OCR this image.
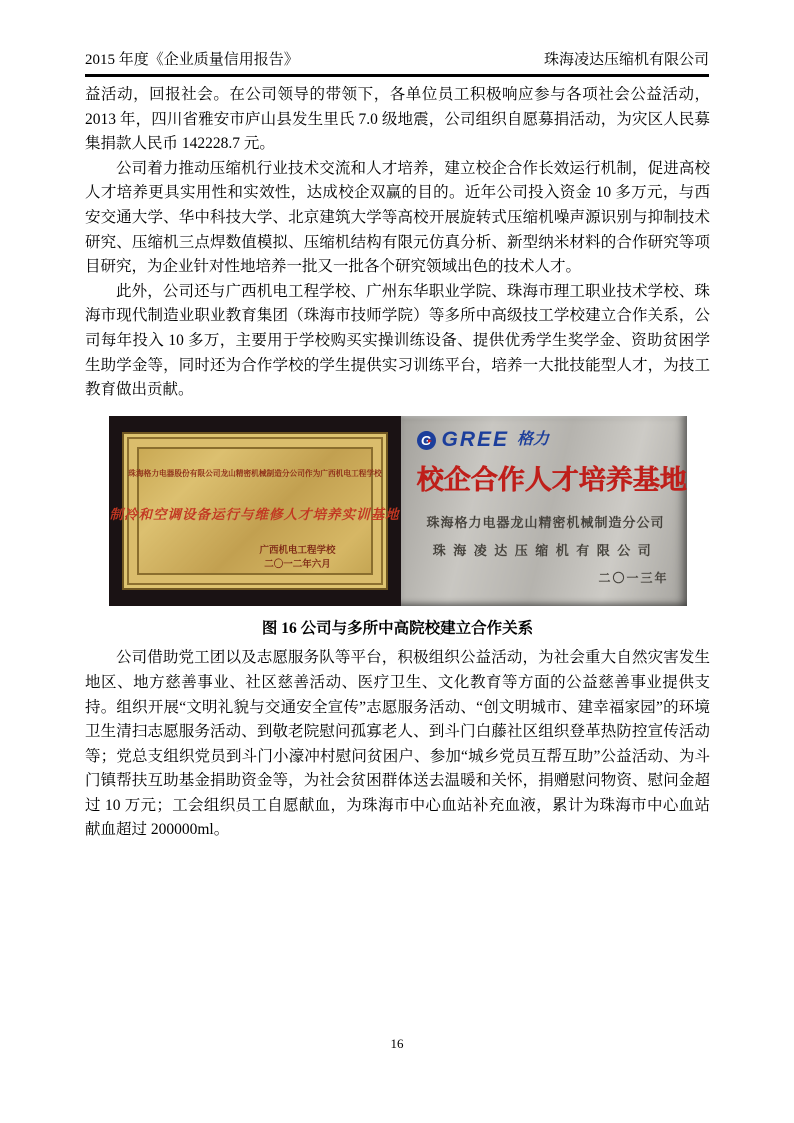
2015 年度《企业质量信用报告》	珠海凌达压缩机有限公司

益活动，回报社会。在公司领导的带领下，各单位员工积极响应参与各项社会公益活动，2013 年，四川省雅安市庐山县发生里氏 7.0 级地震，公司组织自愿募捐活动，为灾区人民募集捐款人民币 142228.7 元。

公司着力推动压缩机行业技术交流和人才培养，建立校企合作长效运行机制，促进高校人才培养更具实用性和实效性，达成校企双赢的目的。近年公司投入资金 10 多万元，与西安交通大学、华中科技大学、北京建筑大学等高校开展旋转式压缩机噪声源识别与抑制技术研究、压缩机三点焊数值模拟、压缩机结构有限元仿真分析、新型纳米材料的合作研究等项目研究，为企业针对性地培养一批又一批各个研究领域出色的技术人才。

此外，公司还与广西机电工程学校、广州东华职业学院、珠海市理工职业技术学校、珠海市现代制造业职业教育集团（珠海市技师学院）等多所中高级技工学校建立合作关系，公司每年投入 10 多万，主要用于学校购买实操训练设备、提供优秀学生奖学金、资助贫困学生助学金等，同时还为合作学校的学生提供实习训练平台，培养一大批技能型人才，为技工教育做出贡献。

珠海格力电器股份有限公司龙山精密机械制造分公司作为广西机电工程学校
制冷和空调设备运行与维修人才培养实训基地
广西机电工程学校
二〇一二年六月
G GREE 格力
校企合作人才培养基地
珠海格力电器龙山精密机械制造分公司
珠海凌达压缩机有限公司
二〇一三年
图 16 公司与多所中高院校建立合作关系

公司借助党工团以及志愿服务队等平台，积极组织公益活动，为社会重大自然灾害发生地区、地方慈善事业、社区慈善活动、医疗卫生、文化教育等方面的公益慈善事业提供支持。组织开展“文明礼貌与交通安全宣传”志愿服务活动、“创文明城市、建幸福家园”的环境卫生清扫志愿服务活动、到敬老院慰问孤寡老人、到斗门白藤社区组织登革热防控宣传活动等；党总支组织党员到斗门小濠冲村慰问贫困户、参加“城乡党员互帮互助”公益活动、为斗门镇帮扶互助基金捐助资金等，为社会贫困群体送去温暖和关怀，捐赠慰问物资、慰问金超过 10 万元；工会组织员工自愿献血，为珠海市中心血站补充血液，累计为珠海市中心血站献血超过 200000ml。

16
